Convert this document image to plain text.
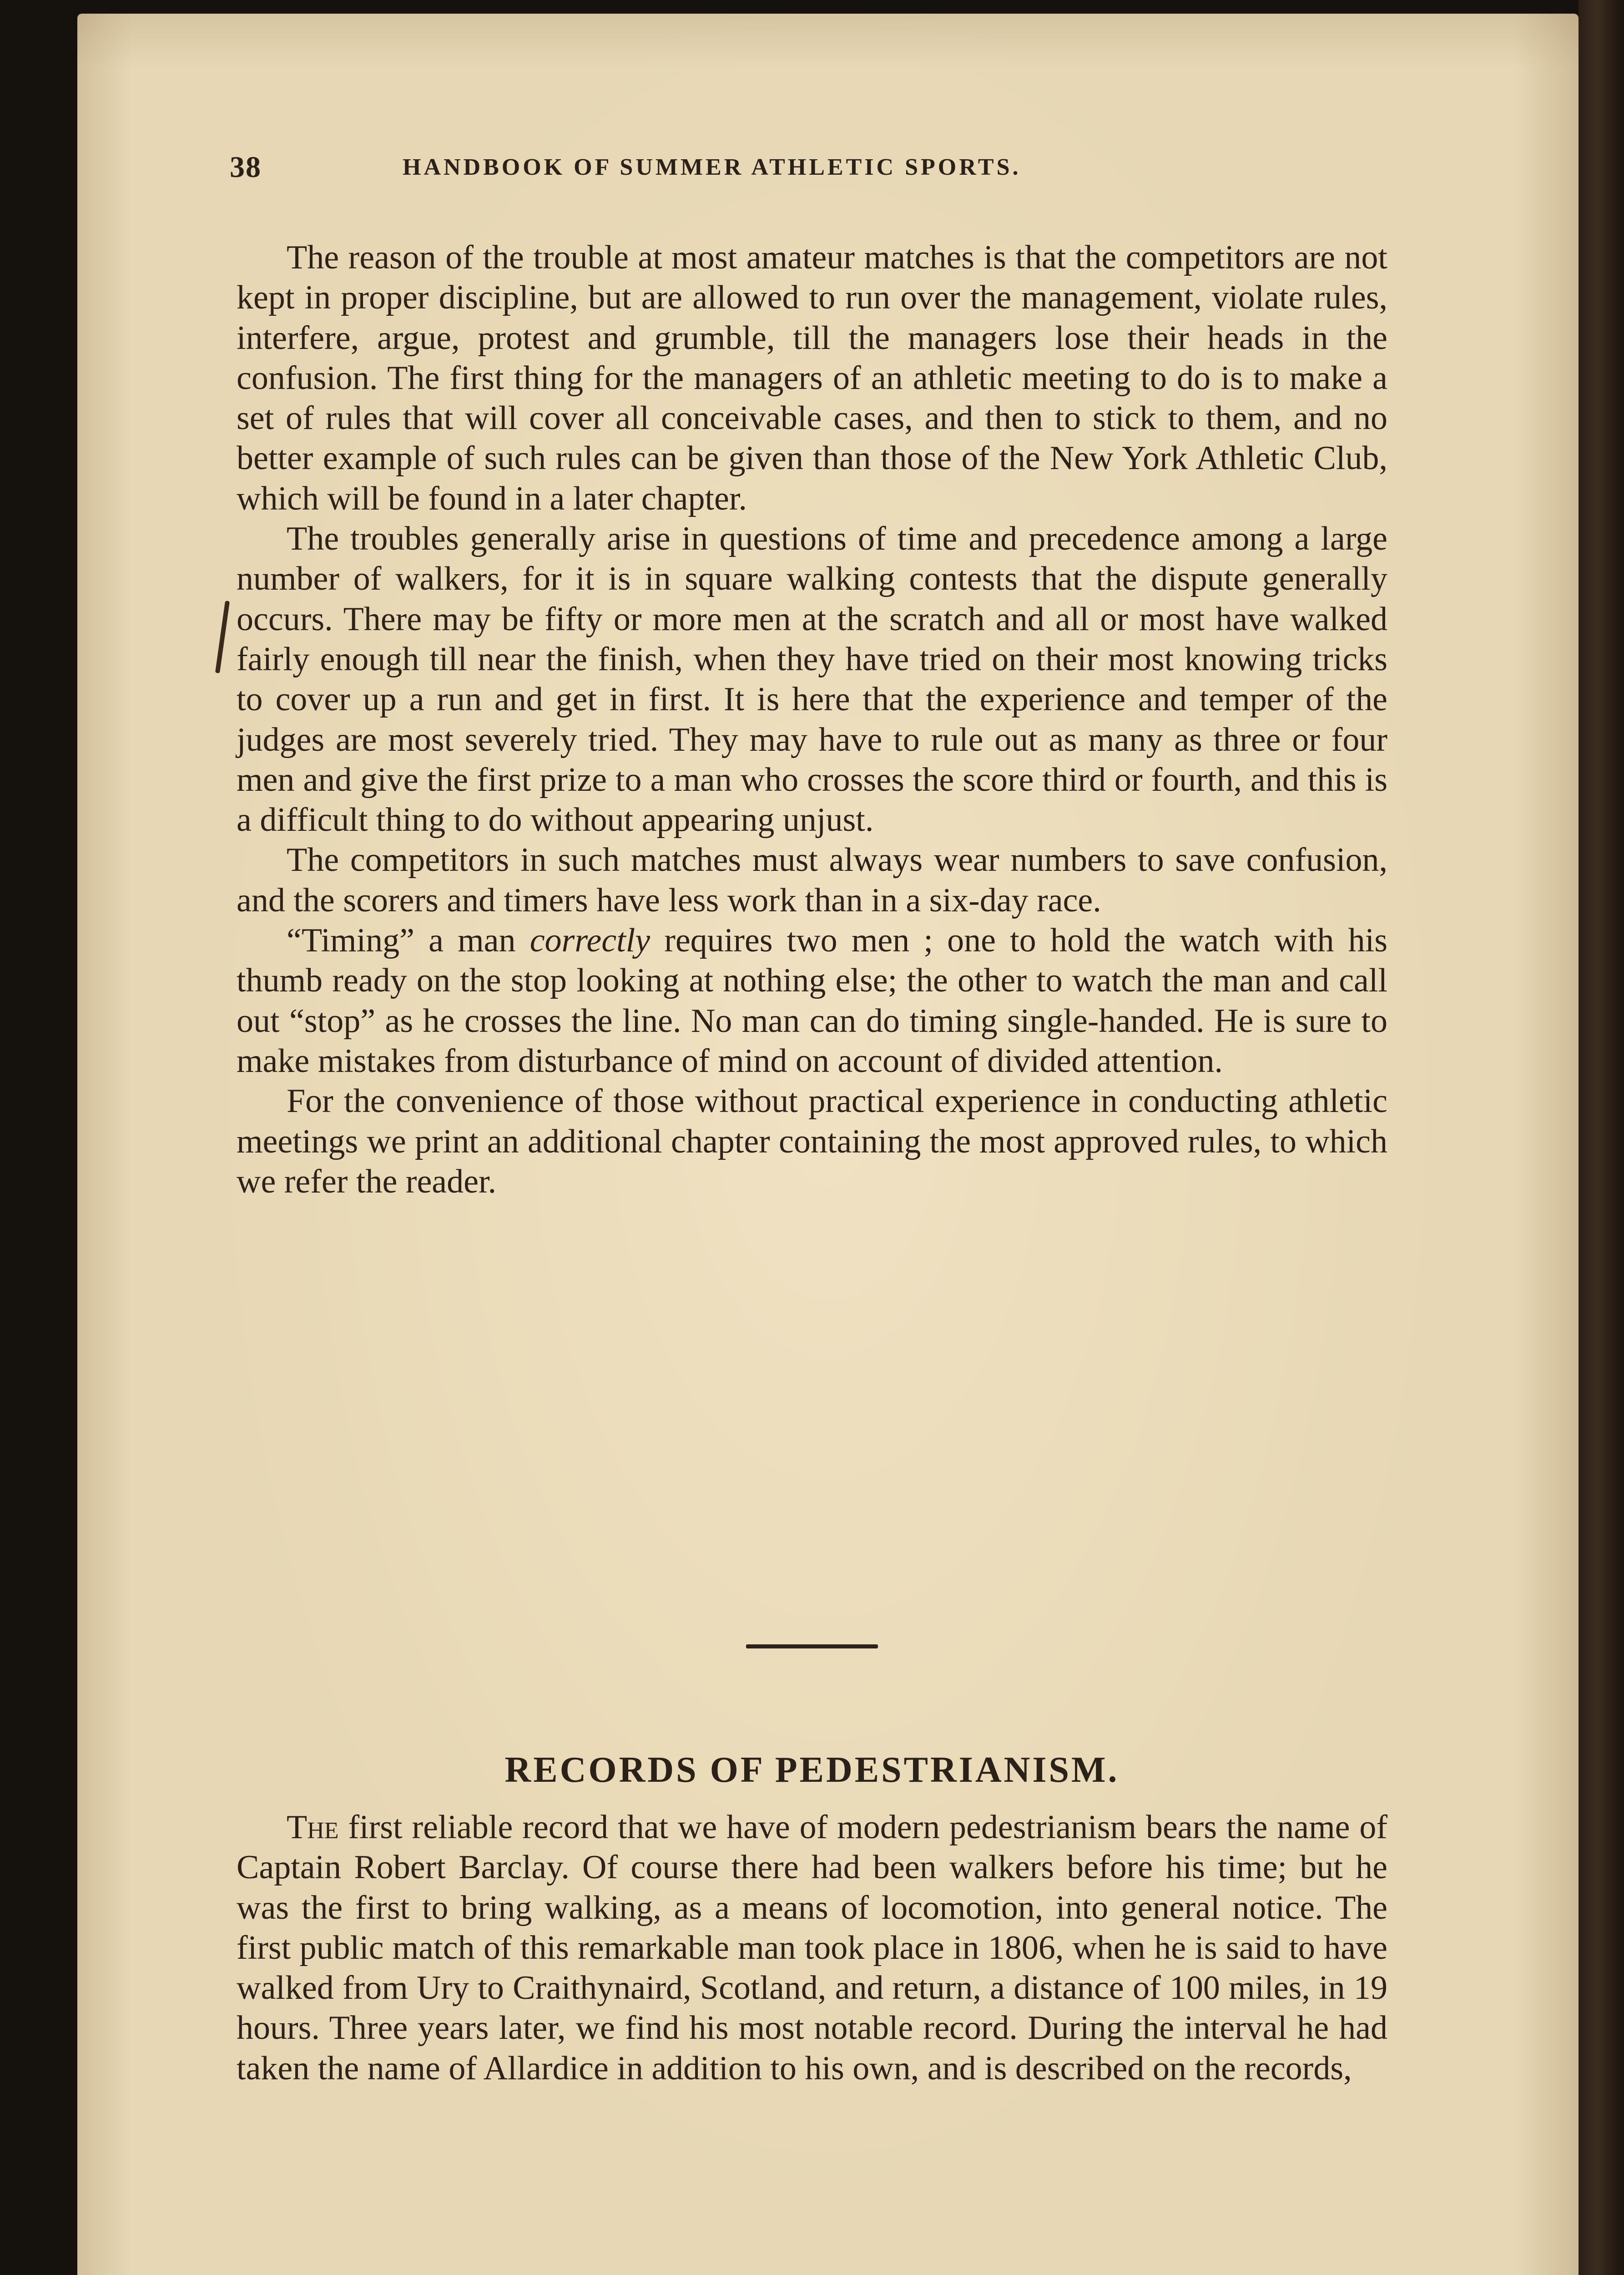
38	HANDBOOK OF SUMMER ATHLETIC SPORTS.

The reason of the trouble at most amateur matches is that the competitors are not kept in proper discipline, but are allowed to run over the management, violate rules, interfere, argue, protest and grumble, till the managers lose their heads in the confusion. The first thing for the managers of an athletic meeting to do is to make a set of rules that will cover all conceivable cases, and then to stick to them, and no better example of such rules can be given than those of the New York Athletic Club, which will be found in a later chapter.

The troubles generally arise in questions of time and precedence among a large number of walkers, for it is in square walking contests that the dispute generally occurs. There may be fifty or more men at the scratch and all or most have walked fairly enough till near the finish, when they have tried on their most knowing tricks to cover up a run and get in first. It is here that the experience and temper of the judges are most severely tried. They may have to rule out as many as three or four men and give the first prize to a man who crosses the score third or fourth, and this is a difficult thing to do without appearing unjust.

The competitors in such matches must always wear numbers to save confusion, and the scorers and timers have less work than in a six-day race.

“Timing” a man correctly requires two men ; one to hold the watch with his thumb ready on the stop looking at nothing else; the other to watch the man and call out “stop” as he crosses the line. No man can do timing single-handed. He is sure to make mistakes from disturbance of mind on account of divided attention.

For the convenience of those without practical experience in conducting athletic meetings we print an additional chapter containing the most approved rules, to which we refer the reader.

RECORDS OF PEDESTRIANISM.

The first reliable record that we have of modern pedestrianism bears the name of Captain Robert Barclay. Of course there had been walkers before his time; but he was the first to bring walking, as a means of locomotion, into general notice. The first public match of this remarkable man took place in 1806, when he is said to have walked from Ury to Craithynaird, Scotland, and return, a distance of 100 miles, in 19 hours. Three years later, we find his most notable record. During the interval he had taken the name of Allardice in addition to his own, and is described on the records,
